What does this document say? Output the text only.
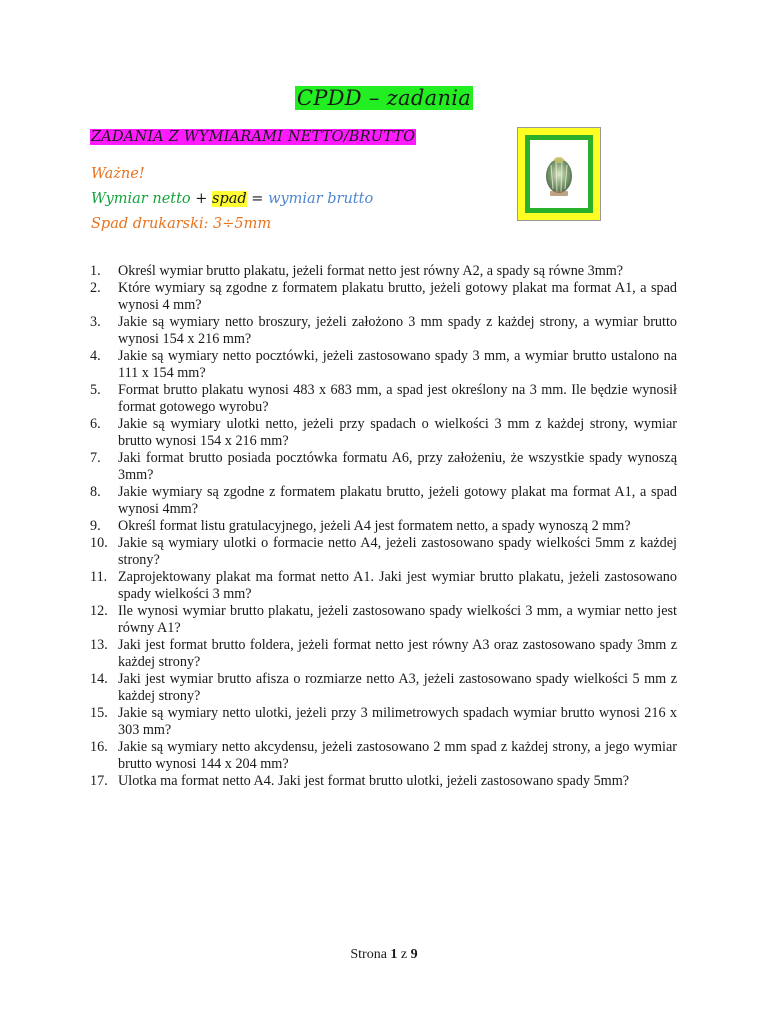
CPDD – zadania
ZADANIA Z WYMIARAMI NETTO/BRUTTO
Ważne!
Wymiar netto + spad = wymiar brutto
Spad drukarski: 3÷5mm
1.	Określ wymiar brutto plakatu, jeżeli format netto jest równy A2, a spady są równe 3mm?
2.	Które wymiary są zgodne z formatem plakatu brutto, jeżeli gotowy plakat ma format A1, a spad wynosi 4 mm?
3.	Jakie są wymiary netto broszury, jeżeli założono 3 mm spady z każdej strony, a wymiar brutto wynosi 154 x 216 mm?
4.	Jakie są wymiary netto pocztówki, jeżeli zastosowano spady 3 mm, a wymiar brutto ustalono na 111 x 154 mm?
5.	Format brutto plakatu wynosi 483 x 683 mm, a spad jest określony na 3 mm. Ile będzie wynosił format gotowego wyrobu?
6.	Jakie są wymiary ulotki netto, jeżeli przy spadach o wielkości 3 mm z każdej strony, wymiar brutto wynosi 154 x 216 mm?
7.	Jaki format brutto posiada pocztówka formatu A6, przy założeniu, że wszystkie spady wynoszą 3mm?
8.	Jakie wymiary są zgodne z formatem plakatu brutto, jeżeli gotowy plakat ma format A1, a spad wynosi 4mm?
9.	Określ format listu gratulacyjnego, jeżeli A4 jest formatem netto, a spady wynoszą 2 mm?
10. Jakie są wymiary ulotki o formacie netto A4, jeżeli zastosowano spady wielkości 5mm z każdej strony?
11. Zaprojektowany plakat ma format netto A1. Jaki jest wymiar brutto plakatu, jeżeli zastosowano spady wielkości 3 mm?
12. Ile wynosi wymiar brutto plakatu, jeżeli zastosowano spady wielkości 3 mm, a wymiar netto jest równy A1?
13. Jaki jest format brutto foldera, jeżeli format netto jest równy A3 oraz zastosowano spady 3mm z każdej strony?
14. Jaki jest wymiar brutto afisza o rozmiarze netto A3, jeżeli zastosowano spady wielkości 5 mm z każdej strony?
15. Jakie są wymiary netto ulotki, jeżeli przy 3 milimetrowych spadach wymiar brutto wynosi 216 x 303 mm?
16. Jakie są wymiary netto akcydensu, jeżeli zastosowano 2 mm spad z każdej strony, a jego wymiar brutto wynosi 144 x 204 mm?
17. Ulotka ma format netto A4. Jaki jest format brutto ulotki, jeżeli zastosowano spady 5mm?
Strona 1 z 9
